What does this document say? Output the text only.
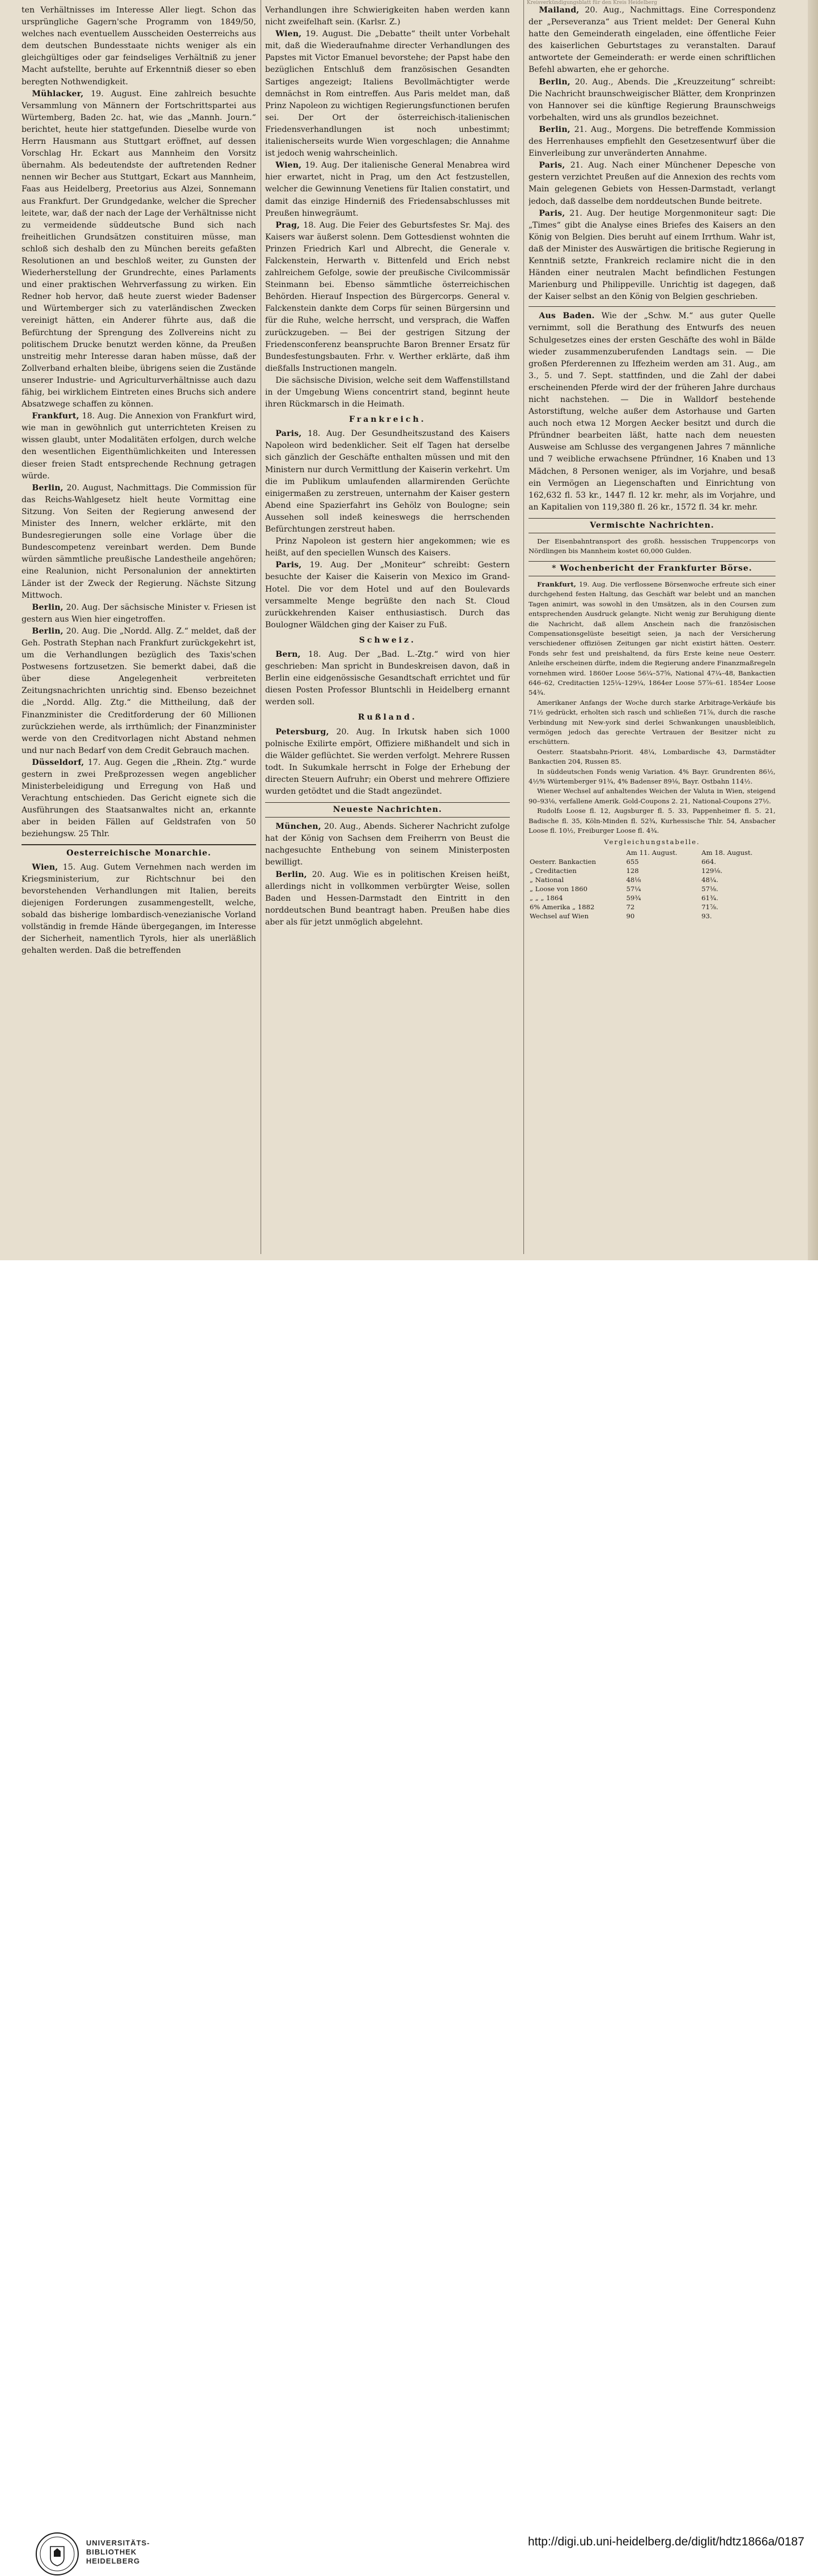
Kreisverkündigungsblatt für den Kreis Heidelberg

ten Verhältnisses im Interesse Aller liegt. Schon das ursprüngliche Gagern'sche Programm von 1849/50, welches nach eventuellem Ausscheiden Oesterreichs aus dem deutschen Bundesstaate nichts weniger als ein gleichgültiges oder gar feindseliges Verhältniß zu jener Macht aufstellte, beruhte auf Erkenntniß dieser so eben beregten Nothwendigkeit.

Mühlacker, 19. August. Eine zahlreich besuchte Versammlung von Männern der Fortschrittspartei aus Würtemberg, Baden 2c. hat, wie das „Mannh. Journ.“ berichtet, heute hier stattgefunden. Dieselbe wurde von Herrn Hausmann aus Stuttgart eröffnet, auf dessen Vorschlag Hr. Eckart aus Mannheim den Vorsitz übernahm. Als bedeutendste der auftretenden Redner nennen wir Becher aus Stuttgart, Eckart aus Mannheim, Faas aus Heidelberg, Preetorius aus Alzei, Sonnemann aus Frankfurt. Der Grundgedanke, welcher die Sprecher leitete, war, daß der nach der Lage der Verhältnisse nicht zu vermeidende süddeutsche Bund sich nach freiheitlichen Grundsätzen constituiren müsse, man schloß sich deshalb den zu München bereits gefaßten Resolutionen an und beschloß weiter, zu Gunsten der Wiederherstellung der Grundrechte, eines Parlaments und einer praktischen Wehrverfassung zu wirken. Ein Redner hob hervor, daß heute zuerst wieder Badenser und Würtemberger sich zu vaterländischen Zwecken vereinigt hätten, ein Anderer führte aus, daß die Befürchtung der Sprengung des Zollvereins nicht zu politischem Drucke benutzt werden könne, da Preußen unstreitig mehr Interesse daran haben müsse, daß der Zollverband erhalten bleibe, übrigens seien die Zustände unserer Industrie- und Agriculturverhältnisse auch dazu fähig, bei wirklichem Eintreten eines Bruchs sich andere Absatzwege schaffen zu können.

Frankfurt, 18. Aug. Die Annexion von Frankfurt wird, wie man in gewöhnlich gut unterrichteten Kreisen zu wissen glaubt, unter Modalitäten erfolgen, durch welche den wesentlichen Eigenthümlichkeiten und Interessen dieser freien Stadt entsprechende Rechnung getragen würde.

Berlin, 20. August, Nachmittags. Die Commission für das Reichs-Wahlgesetz hielt heute Vormittag eine Sitzung. Von Seiten der Regierung anwesend der Minister des Innern, welcher erklärte, mit den Bundesregierungen solle eine Vorlage über die Bundescompetenz vereinbart werden. Dem Bunde würden sämmtliche preußische Landestheile angehören; eine Realunion, nicht Personalunion der annektirten Länder ist der Zweck der Regierung. Nächste Sitzung Mittwoch.

Berlin, 20. Aug. Der sächsische Minister v. Friesen ist gestern aus Wien hier eingetroffen.

Berlin, 20. Aug. Die „Nordd. Allg. Z.“ meldet, daß der Geh. Postrath Stephan nach Frankfurt zurückgekehrt ist, um die Verhandlungen bezüglich des Taxis'schen Postwesens fortzusetzen. Sie bemerkt dabei, daß die über diese Angelegenheit verbreiteten Zeitungsnachrichten unrichtig sind. Ebenso bezeichnet die „Nordd. Allg. Ztg.“ die Mittheilung, daß der Finanzminister die Creditforderung der 60 Millionen zurückziehen werde, als irrthümlich; der Finanzminister werde von den Creditvorlagen nicht Abstand nehmen und nur nach Bedarf von dem Credit Gebrauch machen.

Düsseldorf, 17. Aug. Gegen die „Rhein. Ztg.“ wurde gestern in zwei Preßprozessen wegen angeblicher Ministerbeleidigung und Erregung von Haß und Verachtung entschieden. Das Gericht eignete sich die Ausführungen des Staatsanwaltes nicht an, erkannte aber in beiden Fällen auf Geldstrafen von 50 beziehungsw. 25 Thlr.

Oesterreichische Monarchie.

Wien, 15. Aug. Gutem Vernehmen nach werden im Kriegsministerium, zur Richtschnur bei den bevorstehenden Verhandlungen mit Italien, bereits diejenigen Forderungen zusammengestellt, welche, sobald das bisherige lombardisch-venezianische Vorland vollständig in fremde Hände übergegangen, im Interesse der Sicherheit, namentlich Tyrols, hier als unerläßlich gehalten werden. Daß die betreffenden

Verhandlungen ihre Schwierigkeiten haben werden kann nicht zweifelhaft sein. (Karlsr. Z.)

Wien, 19. August. Die „Debatte“ theilt unter Vorbehalt mit, daß die Wiederaufnahme directer Verhandlungen des Papstes mit Victor Emanuel bevorstehe; der Papst habe den bezüglichen Entschluß dem französischen Gesandten Sartiges angezeigt; Italiens Bevollmächtigter werde demnächst in Rom eintreffen. Aus Paris meldet man, daß Prinz Napoleon zu wichtigen Regierungsfunctionen berufen sei. Der Ort der österreichisch-italienischen Friedensverhandlungen ist noch unbestimmt; italienischerseits wurde Wien vorgeschlagen; die Annahme ist jedoch wenig wahrscheinlich.

Wien, 19. Aug. Der italienische General Menabrea wird hier erwartet, nicht in Prag, um den Act festzustellen, welcher die Gewinnung Venetiens für Italien constatirt, und damit das einzige Hinderniß des Friedensabschlusses mit Preußen hinwegräumt.

Prag, 18. Aug. Die Feier des Geburtsfestes Sr. Maj. des Kaisers war äußerst solenn. Dem Gottesdienst wohnten die Prinzen Friedrich Karl und Albrecht, die Generale v. Falckenstein, Herwarth v. Bittenfeld und Erich nebst zahlreichem Gefolge, sowie der preußische Civilcommissär Steinmann bei. Ebenso sämmtliche österreichischen Behörden. Hierauf Inspection des Bürgercorps. General v. Falckenstein dankte dem Corps für seinen Bürgersinn und für die Ruhe, welche herrscht, und versprach, die Waffen zurückzugeben. — Bei der gestrigen Sitzung der Friedensconferenz beanspruchte Baron Brenner Ersatz für Bundesfestungsbauten. Frhr. v. Werther erklärte, daß ihm dießfalls Instructionen mangeln.

Die sächsische Division, welche seit dem Waffenstillstand in der Umgebung Wiens concentrirt stand, beginnt heute ihren Rückmarsch in die Heimath.

Frankreich.

Paris, 18. Aug. Der Gesundheitszustand des Kaisers Napoleon wird bedenklicher. Seit elf Tagen hat derselbe sich gänzlich der Geschäfte enthalten müssen und mit den Ministern nur durch Vermittlung der Kaiserin verkehrt. Um die im Publikum umlaufenden allarmirenden Gerüchte einigermaßen zu zerstreuen, unternahm der Kaiser gestern Abend eine Spazierfahrt ins Gehölz von Boulogne; sein Aussehen soll indeß keineswegs die herrschenden Befürchtungen zerstreut haben.

Prinz Napoleon ist gestern hier angekommen; wie es heißt, auf den speciellen Wunsch des Kaisers.

Paris, 19. Aug. Der „Moniteur“ schreibt: Gestern besuchte der Kaiser die Kaiserin von Mexico im Grand-Hotel. Die vor dem Hotel und auf den Boulevards versammelte Menge begrüßte den nach St. Cloud zurückkehrenden Kaiser enthusiastisch. Durch das Boulogner Wäldchen ging der Kaiser zu Fuß.

Schweiz.

Bern, 18. Aug. Der „Bad. L.-Ztg.“ wird von hier geschrieben: Man spricht in Bundeskreisen davon, daß in Berlin eine eidgenössische Gesandtschaft errichtet und für diesen Posten Professor Bluntschli in Heidelberg ernannt werden soll.

Rußland.

Petersburg, 20. Aug. In Irkutsk haben sich 1000 polnische Exilirte empört, Offiziere mißhandelt und sich in die Wälder geflüchtet. Sie werden verfolgt. Mehrere Russen todt. In Sukumkale herrscht in Folge der Erhebung der directen Steuern Aufruhr; ein Oberst und mehrere Offiziere wurden getödtet und die Stadt angezündet.

Neueste Nachrichten.

München, 20. Aug., Abends. Sicherer Nachricht zufolge hat der König von Sachsen dem Freiherrn von Beust die nachgesuchte Enthebung von seinem Ministerposten bewilligt.

Berlin, 20. Aug. Wie es in politischen Kreisen heißt, allerdings nicht in vollkommen verbürgter Weise, sollen Baden und Hessen-Darmstadt den Eintritt in den norddeutschen Bund beantragt haben. Preußen habe dies aber als für jetzt unmöglich abgelehnt.

Mailand, 20. Aug., Nachmittags. Eine Correspondenz der „Perseveranza“ aus Trient meldet: Der General Kuhn hatte den Gemeinderath eingeladen, eine öffentliche Feier des kaiserlichen Geburtstages zu veranstalten. Darauf antwortete der Gemeinderath: er werde einen schriftlichen Befehl abwarten, ehe er gehorche.

Berlin, 20. Aug., Abends. Die „Kreuzzeitung“ schreibt: Die Nachricht braunschweigischer Blätter, dem Kronprinzen von Hannover sei die künftige Regierung Braunschweigs vorbehalten, wird uns als grundlos bezeichnet.

Berlin, 21. Aug., Morgens. Die betreffende Kommission des Herrenhauses empfiehlt den Gesetzesentwurf über die Einverleibung zur unveränderten Annahme.

Paris, 21. Aug. Nach einer Münchener Depesche von gestern verzichtet Preußen auf die Annexion des rechts vom Main gelegenen Gebiets von Hessen-Darmstadt, verlangt jedoch, daß dasselbe dem norddeutschen Bunde beitrete.

Paris, 21. Aug. Der heutige Morgenmoniteur sagt: Die „Times“ gibt die Analyse eines Briefes des Kaisers an den König von Belgien. Dies beruht auf einem Irrthum. Wahr ist, daß der Minister des Auswärtigen die britische Regierung in Kenntniß setzte, Frankreich reclamire nicht die in den Händen einer neutralen Macht befindlichen Festungen Marienburg und Philippeville. Unrichtig ist dagegen, daß der Kaiser selbst an den König von Belgien geschrieben.

Aus Baden. Wie der „Schw. M.“ aus guter Quelle vernimmt, soll die Berathung des Entwurfs des neuen Schulgesetzes eines der ersten Geschäfte des wohl in Bälde wieder zusammenzuberufenden Landtags sein. — Die großen Pferderennen zu Iffezheim werden am 31. Aug., am 3., 5. und 7. Sept. stattfinden, und die Zahl der dabei erscheinenden Pferde wird der der früheren Jahre durchaus nicht nachstehen. — Die in Walldorf bestehende Astorstiftung, welche außer dem Astorhause und Garten auch noch etwa 12 Morgen Aecker besitzt und durch die Pfründner bearbeiten läßt, hatte nach dem neuesten Ausweise am Schlusse des vergangenen Jahres 7 männliche und 7 weibliche erwachsene Pfründner, 16 Knaben und 13 Mädchen, 8 Personen weniger, als im Vorjahre, und besaß ein Vermögen an Liegenschaften und Einrichtung von 162,632 fl. 53 kr., 1447 fl. 12 kr. mehr, als im Vorjahre, und an Kapitalien von 119,380 fl. 26 kr., 1572 fl. 34 kr. mehr.

Vermischte Nachrichten.

Der Eisenbahntransport des großh. hessischen Truppencorps von Nördlingen bis Mannheim kostet 60,000 Gulden.

* Wochenbericht der Frankfurter Börse.

Frankfurt, 19. Aug. Die verflossene Börsenwoche erfreute sich einer durchgehend festen Haltung, das Geschäft war belebt und an manchen Tagen animirt, was sowohl in den Umsätzen, als in den Coursen zum entsprechenden Ausdruck gelangte. Nicht wenig zur Beruhigung diente die Nachricht, daß allem Anschein nach die französischen Compensationsgelüste beseitigt seien, ja nach der Versicherung verschiedener offiziösen Zeitungen gar nicht existirt hätten. Oesterr. Fonds sehr fest und preishaltend, da fürs Erste keine neue Oesterr. Anleihe erscheinen dürfte, indem die Regierung andere Finanzmaßregeln vornehmen wird. 1860er Loose 56¼–57⅝, National 47¼–48, Bankactien 646–62, Creditactien 125¼–129¼, 1864er Loose 57⅞–61. 1854er Loose 54¾.

Amerikaner Anfangs der Woche durch starke Arbitrage-Verkäufe bis 71½ gedrückt, erholten sich rasch und schließen 71⅞, durch die rasche Verbindung mit New-york sind derlei Schwankungen unausbleiblich, vermögen jedoch das gerechte Vertrauen der Besitzer nicht zu erschüttern.

Oesterr. Staatsbahn-Priorit. 48¼, Lombardische 43, Darmstädter Bankactien 204, Russen 85.

In süddeutschen Fonds wenig Variation. 4% Bayr. Grundrenten 86½, 4½% Würtemberger 91¾, 4% Badenser 89⅛, Bayr. Ostbahn 114½.

Wiener Wechsel auf anhaltendes Weichen der Valuta in Wien, steigend 90–93⅛, verfallene Amerik. Gold-Coupons 2. 21, National-Coupons 27½.

Rudolfs Loose fl. 12, Augsburger fl. 5. 33, Pappenheimer fl. 5. 21, Badische fl. 35, Köln-Minden fl. 52¾, Kurhessische Thlr. 54, Ansbacher Loose fl. 10½, Freiburger Loose fl. 4¾.

Vergleichungstabelle.
	Am 11. August.	Am 18. August.
Oesterr. Bankactien	655	664.
„ Creditactien	128	129⅛.
„ National	48⅛	48¼.
„ Loose von 1860	57¼	57⅛.
„ „ „ 1864	59¾	61¾.
6% Amerika „ 1882	72	71⅞.
Wechsel auf Wien	90	93.
UNIVERSITÄTS-
BIBLIOTHEK
HEIDELBERG
http://digi.ub.uni-heidelberg.de/diglit/hdtz1866a/0187
